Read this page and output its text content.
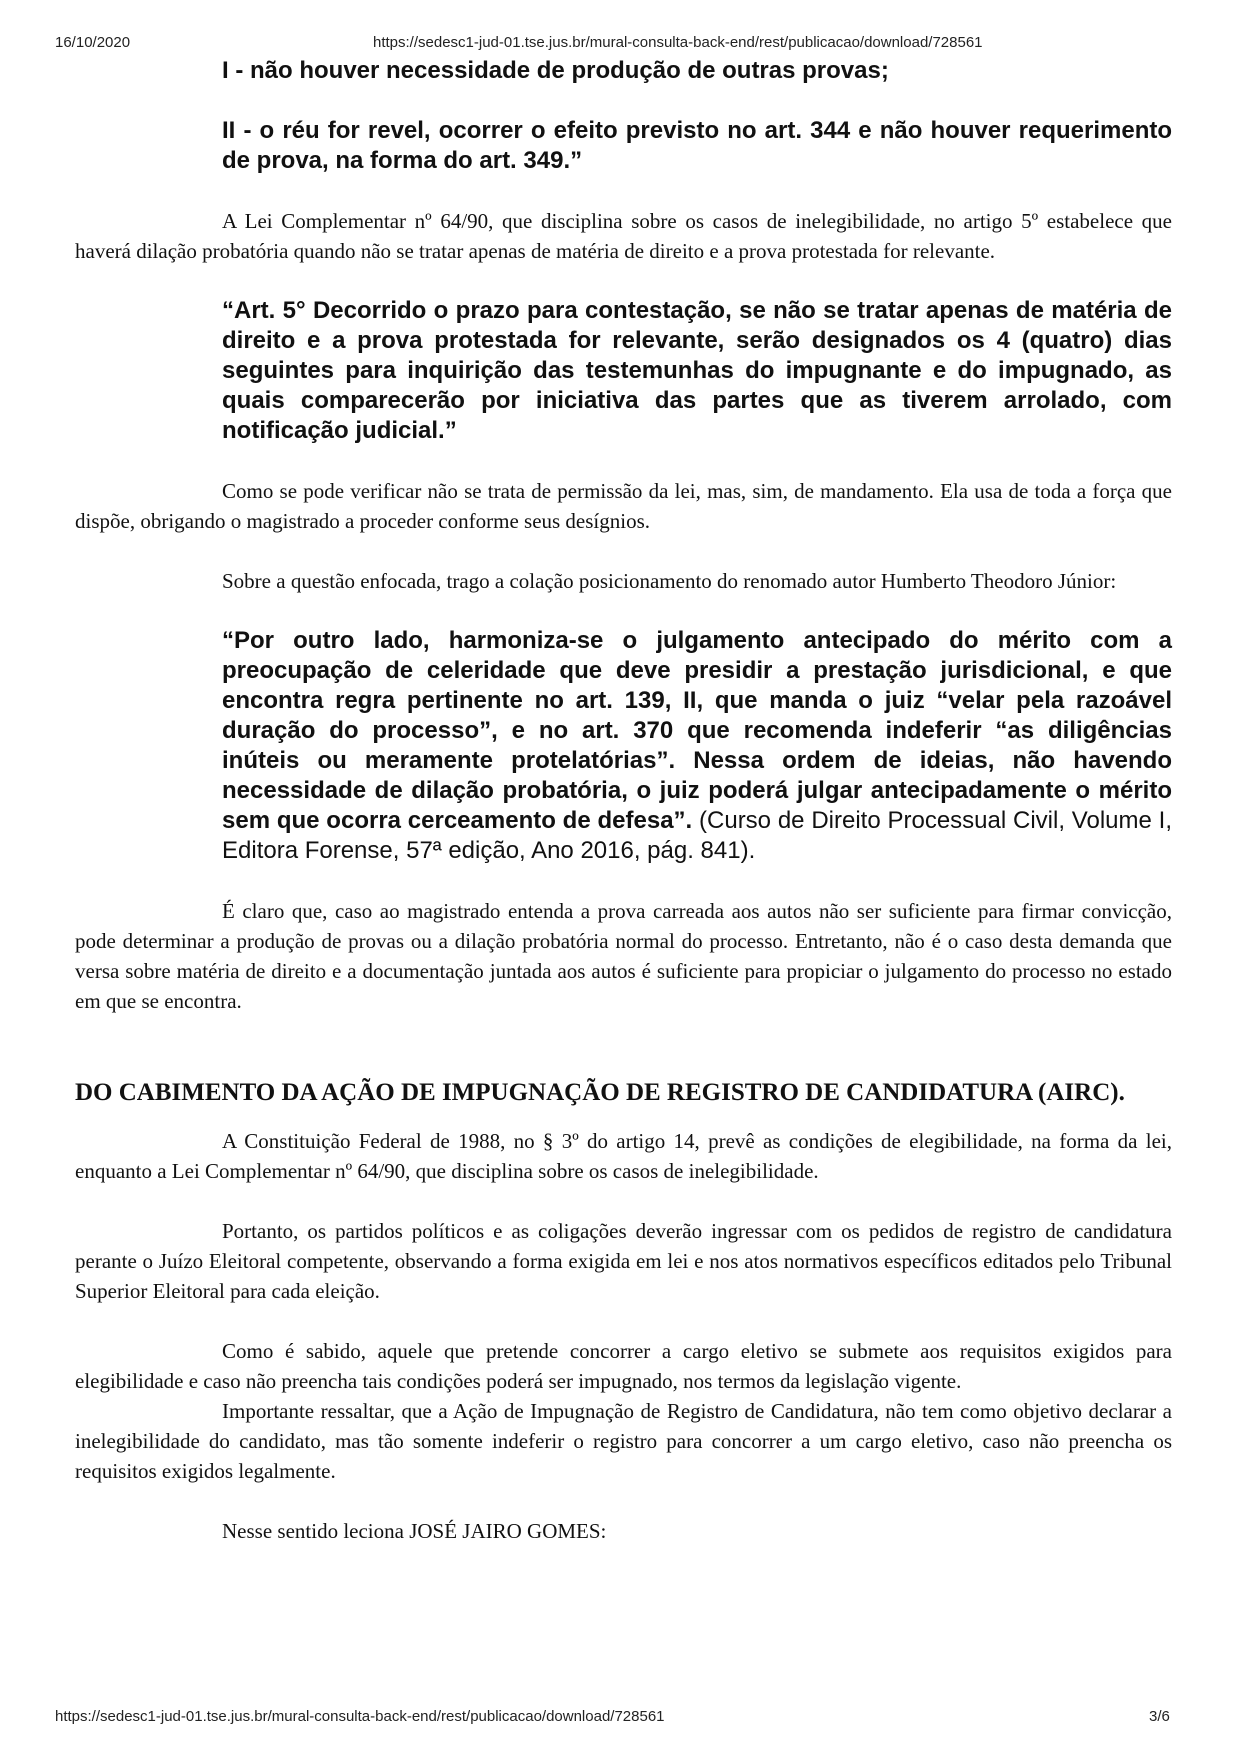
16/10/2020	https://sedesc1-jud-01.tse.jus.br/mural-consulta-back-end/rest/publicacao/download/728561

I - não houver necessidade de produção de outras provas;

II - o réu for revel, ocorrer o efeito previsto no art. 344 e não houver requerimento de prova, na forma do art. 349.”

A Lei Complementar nº 64/90, que disciplina sobre os casos de inelegibilidade, no artigo 5º estabelece que haverá dilação probatória quando não se tratar apenas de matéria de direito e a prova protestada for relevante.

“Art. 5° Decorrido o prazo para contestação, se não se tratar apenas de matéria de direito e a prova protestada for relevante, serão designados os 4 (quatro) dias seguintes para inquirição das testemunhas do impugnante e do impugnado, as quais comparecerão por iniciativa das partes que as tiverem arrolado, com notificação judicial.”

Como se pode verificar não se trata de permissão da lei, mas, sim, de mandamento. Ela usa de toda a força que dispõe, obrigando o magistrado a proceder conforme seus desígnios.

Sobre a questão enfocada, trago a colação posicionamento do renomado autor Humberto Theodoro Júnior:

“Por outro lado, harmoniza-se o julgamento antecipado do mérito com a preocupação de celeridade que deve presidir a prestação jurisdicional, e que encontra regra pertinente no art. 139, II, que manda o juiz “velar pela razoável duração do processo”, e no art. 370 que recomenda indeferir “as diligências inúteis ou meramente protelatórias”. Nessa ordem de ideias, não havendo necessidade de dilação probatória, o juiz poderá julgar antecipadamente o mérito sem que ocorra cerceamento de defesa”. (Curso de Direito Processual Civil, Volume I, Editora Forense, 57ª edição, Ano 2016, pág. 841).

É claro que, caso ao magistrado entenda a prova carreada aos autos não ser suficiente para firmar convicção, pode determinar a produção de provas ou a dilação probatória normal do processo. Entretanto, não é o caso desta demanda que versa sobre matéria de direito e a documentação juntada aos autos é suficiente para propiciar o julgamento do processo no estado em que se encontra.

DO CABIMENTO DA AÇÃO DE IMPUGNAÇÃO DE REGISTRO DE CANDIDATURA (AIRC).

A Constituição Federal de 1988, no § 3º do artigo 14, prevê as condições de elegibilidade, na forma da lei, enquanto a Lei Complementar nº 64/90, que disciplina sobre os casos de inelegibilidade.

Portanto, os partidos políticos e as coligações deverão ingressar com os pedidos de registro de candidatura perante o Juízo Eleitoral competente, observando a forma exigida em lei e nos atos normativos específicos editados pelo Tribunal Superior Eleitoral para cada eleição.

Como é sabido, aquele que pretende concorrer a cargo eletivo se submete aos requisitos exigidos para elegibilidade e caso não preencha tais condições poderá ser impugnado, nos termos da legislação vigente.

Importante ressaltar, que a Ação de Impugnação de Registro de Candidatura, não tem como objetivo declarar a inelegibilidade do candidato, mas tão somente indeferir o registro para concorrer a um cargo eletivo, caso não preencha os requisitos exigidos legalmente.

Nesse sentido leciona JOSÉ JAIRO GOMES:

https://sedesc1-jud-01.tse.jus.br/mural-consulta-back-end/rest/publicacao/download/728561	3/6
